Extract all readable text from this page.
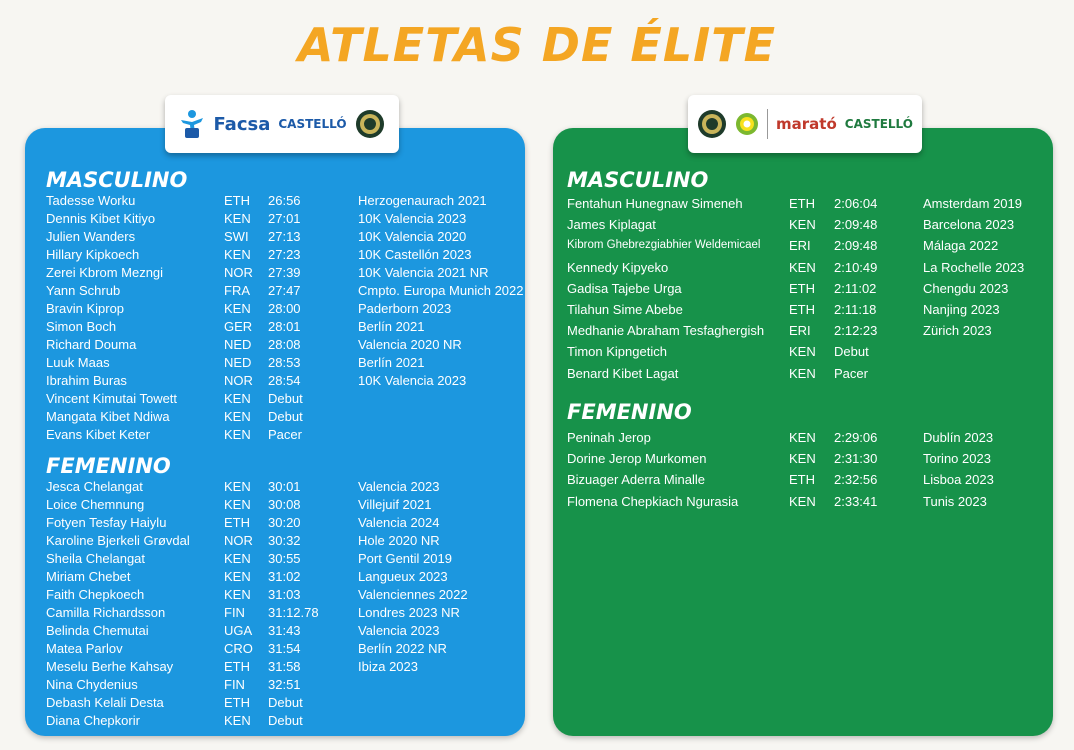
ATLETAS DE ÉLITE
MASCULINO
Tadesse Worku	ETH 26:56	Herzogenaurach 2021
Dennis Kibet Kitiyo	KEN 27:01	10K Valencia 2023
Julien Wanders	SWI 27:13	10K Valencia 2020
Hillary Kipkoech	KEN 27:23	10K Castellón 2023
Zerei Kbrom Mezngi	NOR 27:39	10K Valencia 2021 NR
Yann Schrub	FRA 27:47	Cmpto. Europa Munich 2022
Bravin Kiprop	KEN 28:00	Paderborn 2023
Simon Boch	GER 28:01	Berlín 2021
Richard Douma	NED 28:08	Valencia 2020 NR
Luuk Maas	NED 28:53	Berlín 2021
Ibrahim Buras	NOR 28:54	10K Valencia 2023
Vincent Kimutai Towett	KEN Debut
Mangata Kibet Ndiwa	KEN Debut
Evans Kibet Keter	KEN Pacer
FEMENINO
Jesca Chelangat	KEN 30:01	Valencia 2023
Loice Chemnung	KEN 30:08	Villejuif 2021
Fotyen Tesfay Haiylu	ETH 30:20	Valencia 2024
Karoline Bjerkeli Grøvdal	NOR 30:32	Hole 2020 NR
Sheila Chelangat	KEN 30:55	Port Gentil 2019
Miriam Chebet	KEN 31:02	Langueux 2023
Faith Chepkoech	KEN 31:03	Valenciennes 2022
Camilla Richardsson	FIN 31:12.78	Londres 2023 NR
Belinda Chemutai	UGA 31:43	Valencia 2023
Matea Parlov	CRO 31:54	Berlín 2022 NR
Meselu Berhe Kahsay	ETH 31:58	Ibiza 2023
Nina Chydenius	FIN 32:51
Debash Kelali Desta	ETH Debut
Diana Chepkorir	KEN Debut
MASCULINO
Fentahun Hunegnaw Simeneh	ETH 2:06:04	Amsterdam 2019
James Kiplagat	KEN 2:09:48	Barcelona 2023
Kibrom Ghebrezgiabhier Weldemicael ERI 2:09:48	Málaga 2022
Kennedy Kipyeko	KEN 2:10:49	La Rochelle 2023
Gadisa Tajebe Urga	ETH 2:11:02	Chengdu 2023
Tilahun Sime Abebe	ETH 2:11:18	Nanjing 2023
Medhanie Abraham Tesfaghergish ERI 2:12:23	Zürich 2023
Timon Kipngetich	KEN Debut
Benard Kibet Lagat	KEN Pacer
FEMENINO
Peninah Jerop	KEN 2:29:06	Dublín 2023
Dorine Jerop Murkomen	KEN 2:31:30	Torino 2023
Bizuager Aderra Minalle	ETH 2:32:56	Lisboa 2023
Flomena Chepkiach Ngurasia	KEN 2:33:41	Tunis 2023
Facsa CASTELLÓ	marató CASTELLÓ
